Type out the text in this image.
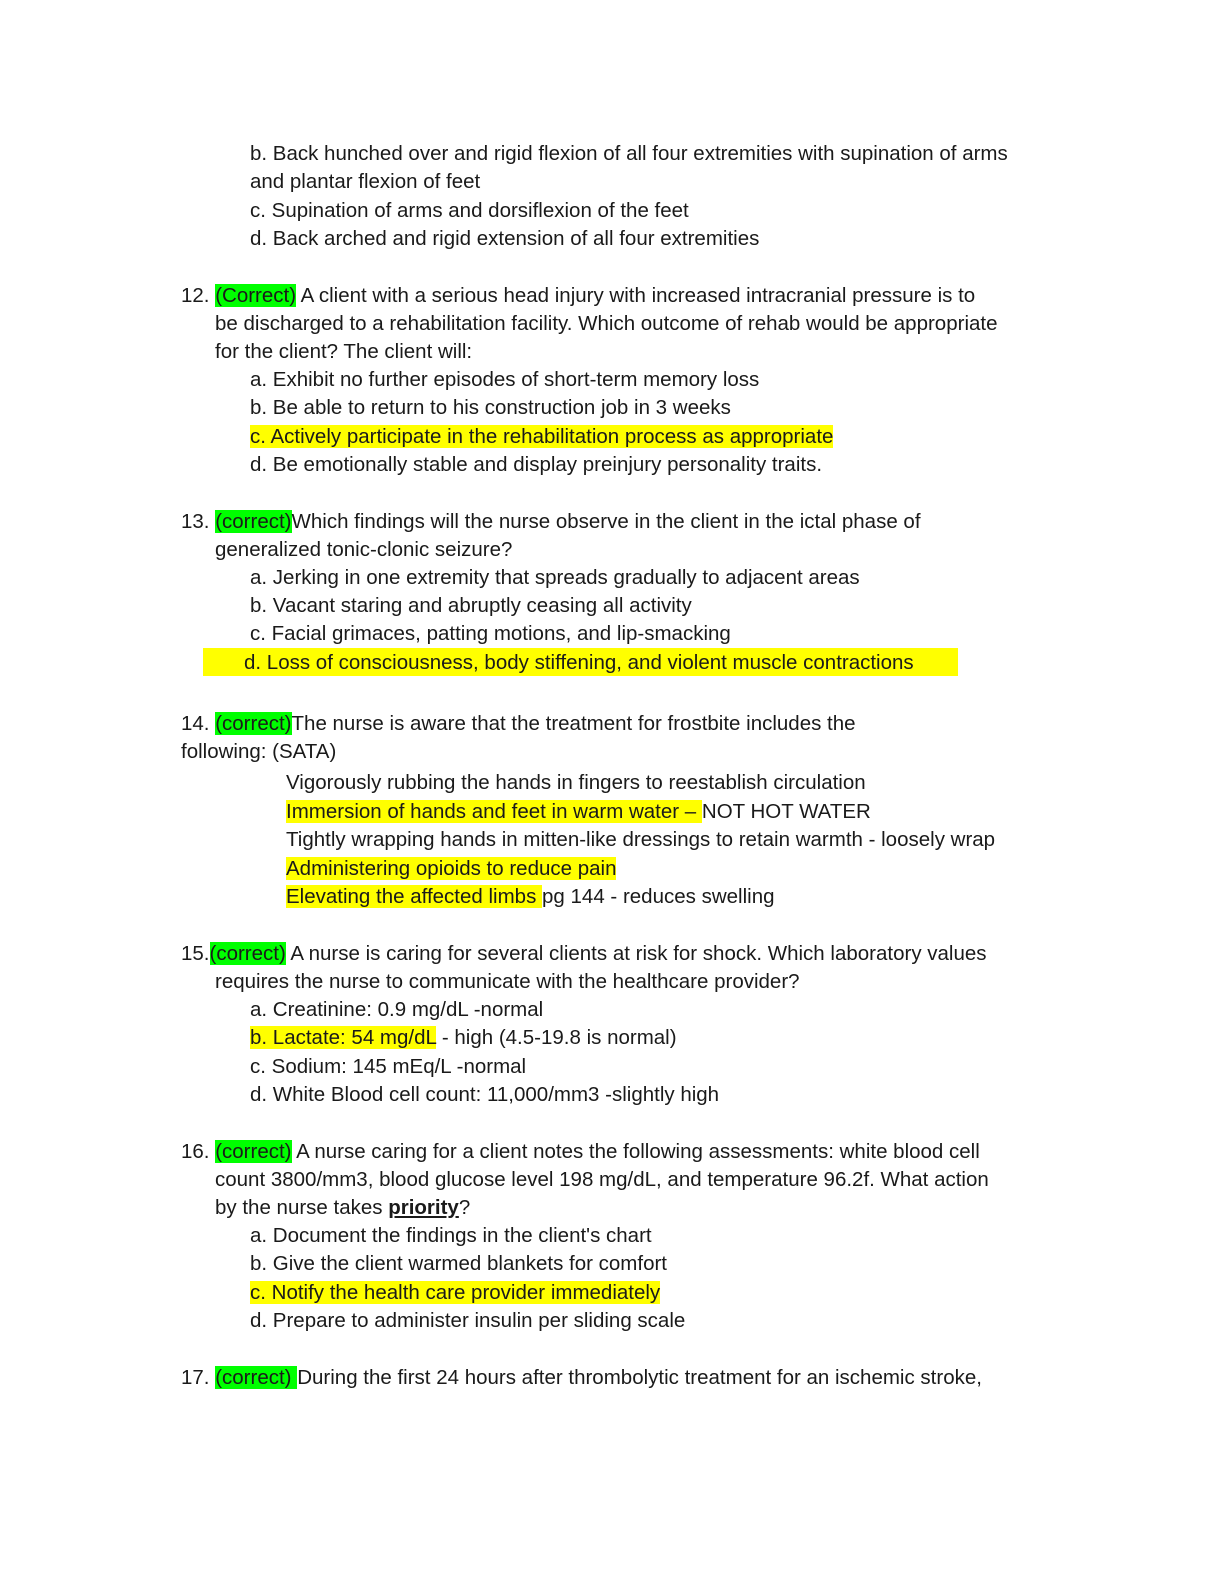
b. Back hunched over and rigid flexion of all four extremities with supination of arms
and plantar flexion of feet
c. Supination of arms and dorsiflexion of the feet
d. Back arched and rigid extension of all four extremities
12. (Correct) A client with a serious head injury with increased intracranial pressure is to
be discharged to a rehabilitation facility. Which outcome of rehab would be appropriate
for the client? The client will:
a. Exhibit no further episodes of short-term memory loss
b. Be able to return to his construction job in 3 weeks
c. Actively participate in the rehabilitation process as appropriate
d. Be emotionally stable and display preinjury personality traits.
13. (correct)Which findings will the nurse observe in the client in the ictal phase of
generalized tonic-clonic seizure?
a. Jerking in one extremity that spreads gradually to adjacent areas
b. Vacant staring and abruptly ceasing all activity
c. Facial grimaces, patting motions, and lip-smacking
d. Loss of consciousness, body stiffening, and violent muscle contractions
14. (correct)The nurse is aware that the treatment for frostbite includes the
following: (SATA)
Vigorously rubbing the hands in fingers to reestablish circulation
Immersion of hands and feet in warm water – NOT HOT WATER
Tightly wrapping hands in mitten-like dressings to retain warmth - loosely wrap
Administering opioids to reduce pain
Elevating the affected limbs pg 144 - reduces swelling
15.(correct) A nurse is caring for several clients at risk for shock. Which laboratory values
requires the nurse to communicate with the healthcare provider?
a. Creatinine: 0.9 mg/dL -normal
b. Lactate: 54 mg/dL - high (4.5-19.8 is normal)
c. Sodium: 145 mEq/L -normal
d. White Blood cell count: 11,000/mm3 -slightly high
16. (correct) A nurse caring for a client notes the following assessments: white blood cell
count 3800/mm3, blood glucose level 198 mg/dL, and temperature 96.2f. What action
by the nurse takes priority?
a. Document the findings in the client's chart
b. Give the client warmed blankets for comfort
c. Notify the health care provider immediately
d. Prepare to administer insulin per sliding scale
17. (correct) During the first 24 hours after thrombolytic treatment for an ischemic stroke,
